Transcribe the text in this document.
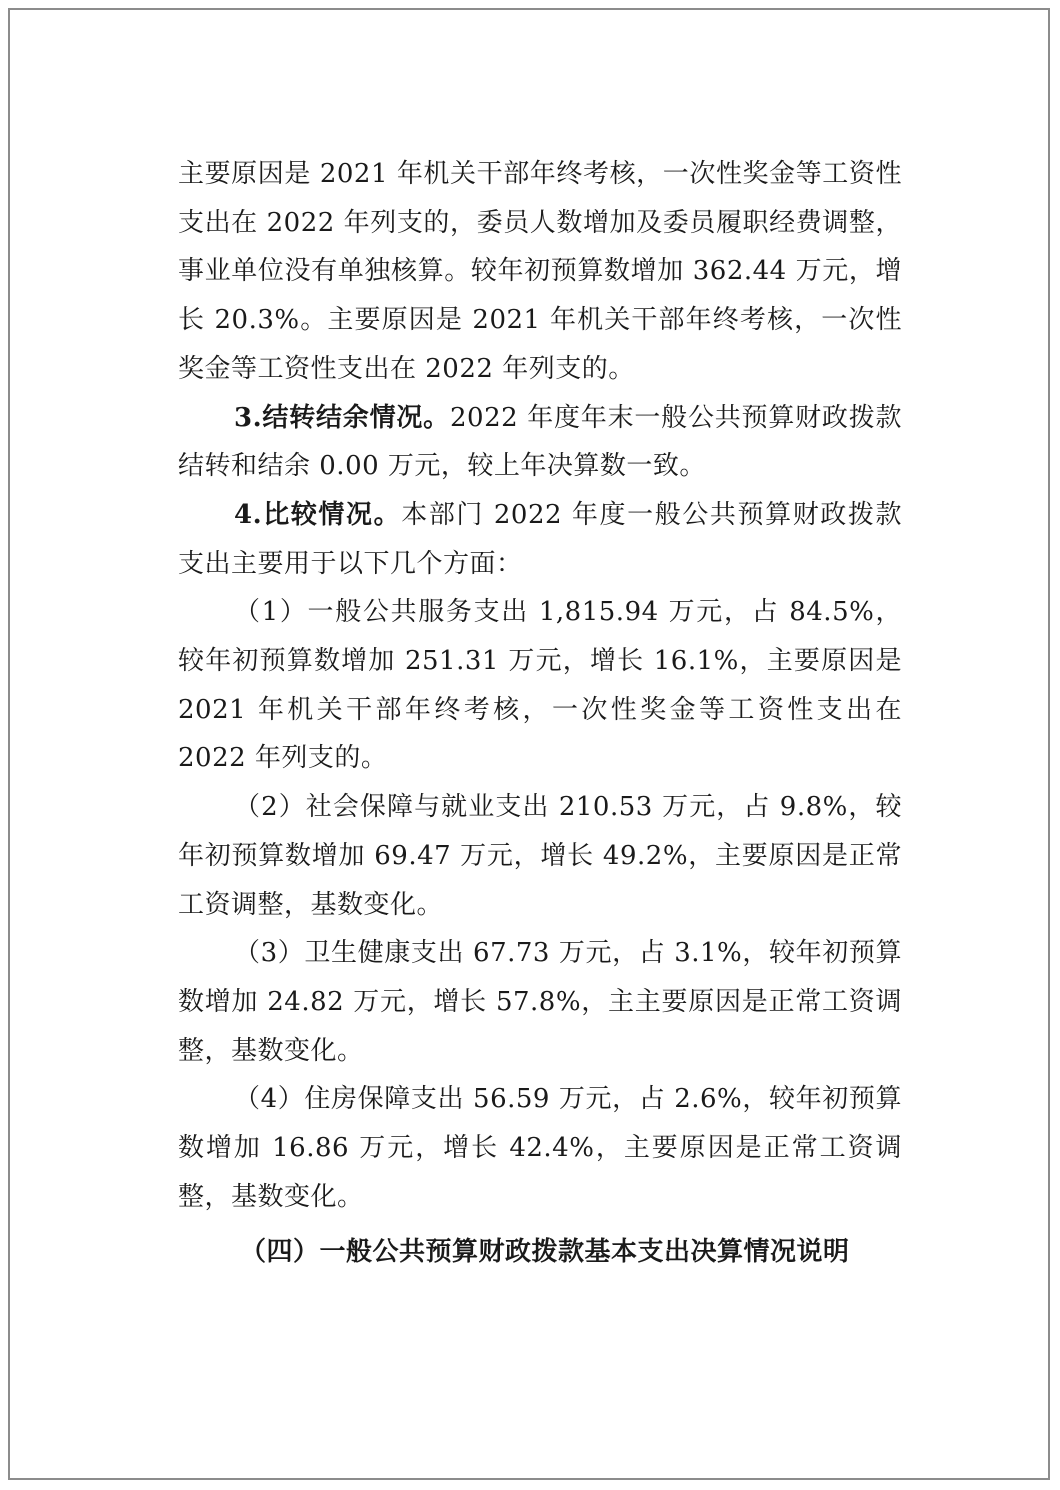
主要原因是 2021 年机关干部年终考核，一次性奖金等工资性支出在 2022 年列支的，委员人数增加及委员履职经费调整，事业单位没有单独核算。较年初预算数增加 362.44 万元，增长 20.3%。主要原因是 2021 年机关干部年终考核，一次性奖金等工资性支出在 2022 年列支的。

3.结转结余情况。2022 年度年末一般公共预算财政拨款结转和结余 0.00 万元，较上年决算数一致。

4.比较情况。本部门 2022 年度一般公共预算财政拨款支出主要用于以下几个方面：

（1）一般公共服务支出 1,815.94 万元，占 84.5%，较年初预算数增加 251.31 万元，增长 16.1%，主要原因是 2021 年机关干部年终考核，一次性奖金等工资性支出在 2022 年列支的。

（2）社会保障与就业支出 210.53 万元，占 9.8%，较年初预算数增加 69.47 万元，增长 49.2%，主要原因是正常工资调整，基数变化。

（3）卫生健康支出 67.73 万元，占 3.1%，较年初预算数增加 24.82 万元，增长 57.8%，主主要原因是正常工资调整，基数变化。

（4）住房保障支出 56.59 万元，占 2.6%，较年初预算数增加 16.86 万元，增长 42.4%，主要原因是正常工资调整，基数变化。

（四）一般公共预算财政拨款基本支出决算情况说明
